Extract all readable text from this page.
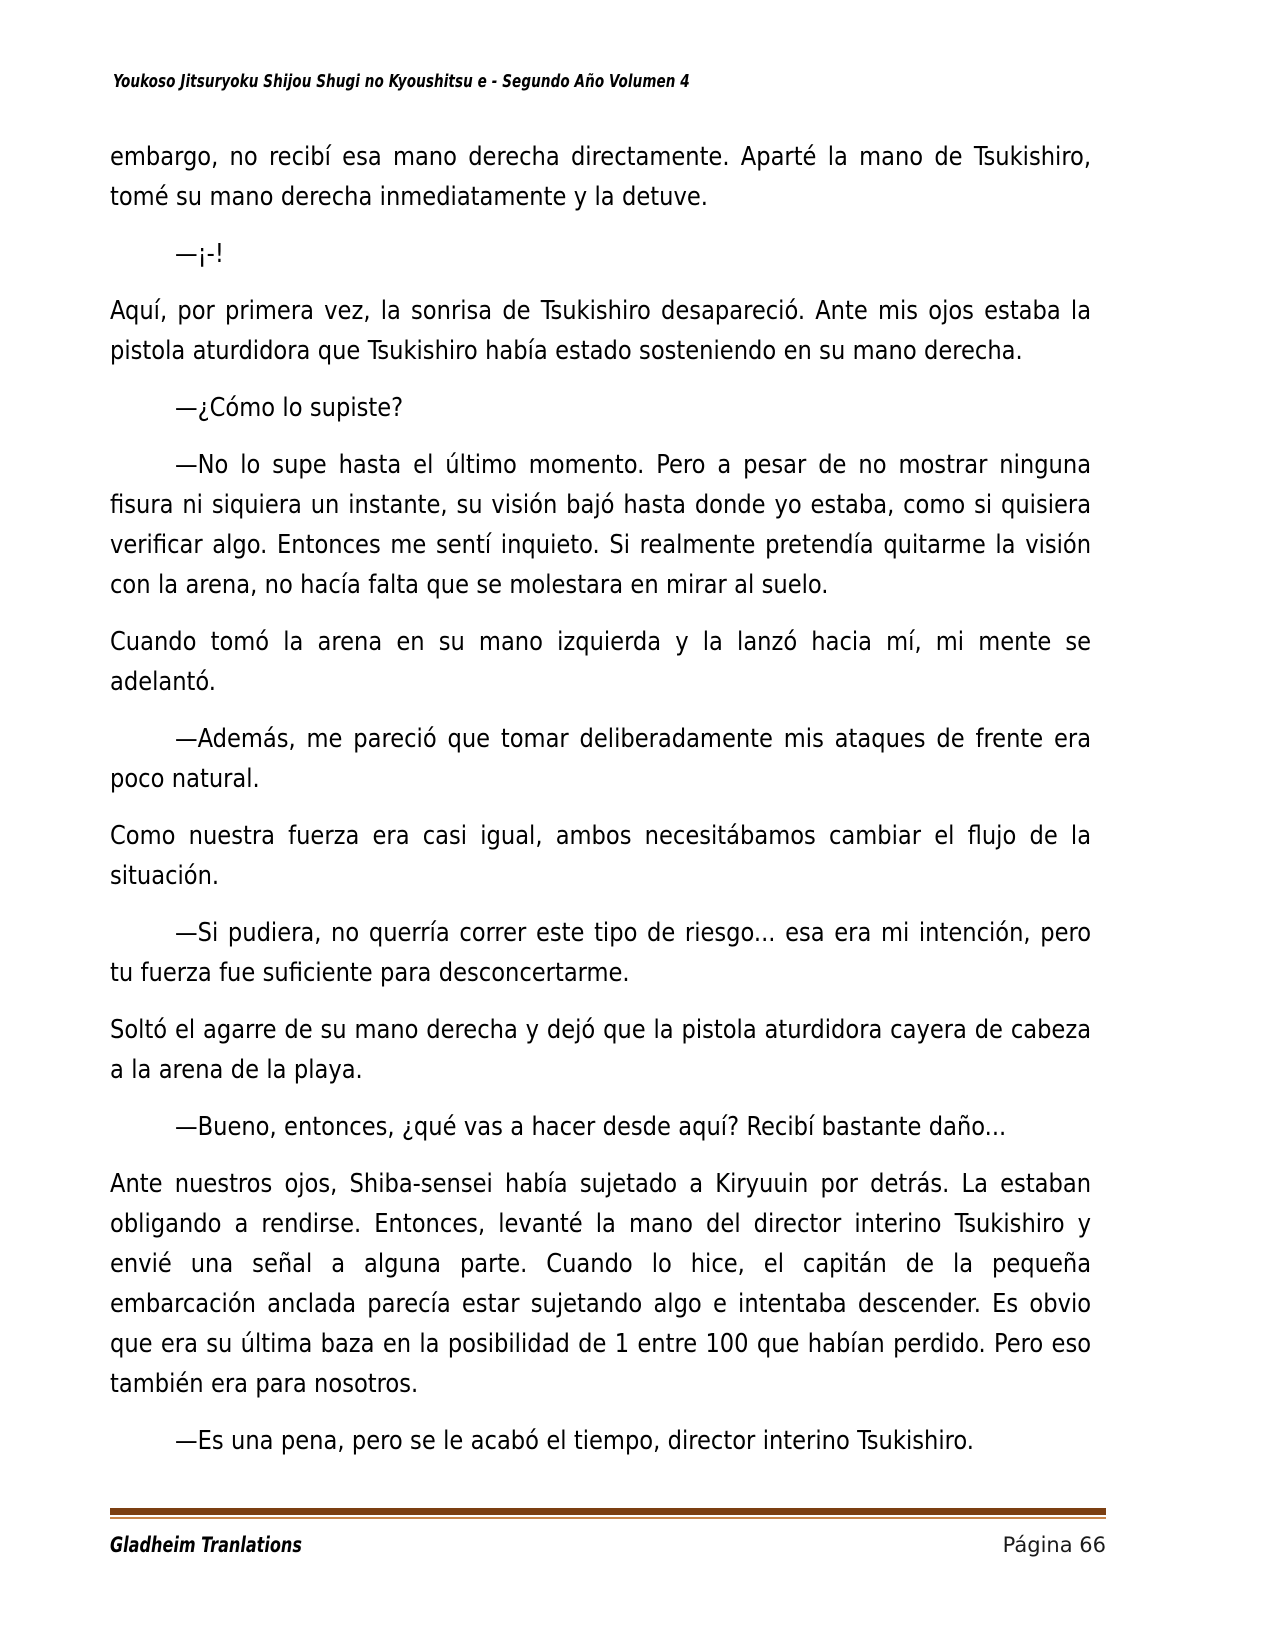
Youkoso Jitsuryoku Shijou Shugi no Kyoushitsu e - Segundo Año Volumen 4

embargo, no recibí esa mano derecha directamente. Aparté la mano de Tsukishiro, tomé su mano derecha inmediatamente y la detuve.

—¡-!

Aquí, por primera vez, la sonrisa de Tsukishiro desapareció. Ante mis ojos estaba la pistola aturdidora que Tsukishiro había estado sosteniendo en su mano derecha.

—¿Cómo lo supiste?

—No lo supe hasta el último momento. Pero a pesar de no mostrar ninguna fisura ni siquiera un instante, su visión bajó hasta donde yo estaba, como si quisiera verificar algo. Entonces me sentí inquieto. Si realmente pretendía quitarme la visión con la arena, no hacía falta que se molestara en mirar al suelo.

Cuando tomó la arena en su mano izquierda y la lanzó hacia mí, mi mente se adelantó.

—Además, me pareció que tomar deliberadamente mis ataques de frente era poco natural.

Como nuestra fuerza era casi igual, ambos necesitábamos cambiar el flujo de la situación.

—Si pudiera, no querría correr este tipo de riesgo... esa era mi intención, pero tu fuerza fue suficiente para desconcertarme.

Soltó el agarre de su mano derecha y dejó que la pistola aturdidora cayera de cabeza a la arena de la playa.

—Bueno, entonces, ¿qué vas a hacer desde aquí? Recibí bastante daño...

Ante nuestros ojos, Shiba-sensei había sujetado a Kiryuuin por detrás. La estaban obligando a rendirse. Entonces, levanté la mano del director interino Tsukishiro y envié una señal a alguna parte. Cuando lo hice, el capitán de la pequeña embarcación anclada parecía estar sujetando algo e intentaba descender. Es obvio que era su última baza en la posibilidad de 1 entre 100 que habían perdido. Pero eso también era para nosotros.

—Es una pena, pero se le acabó el tiempo, director interino Tsukishiro.

Gladheim Tranlations	Página 66
